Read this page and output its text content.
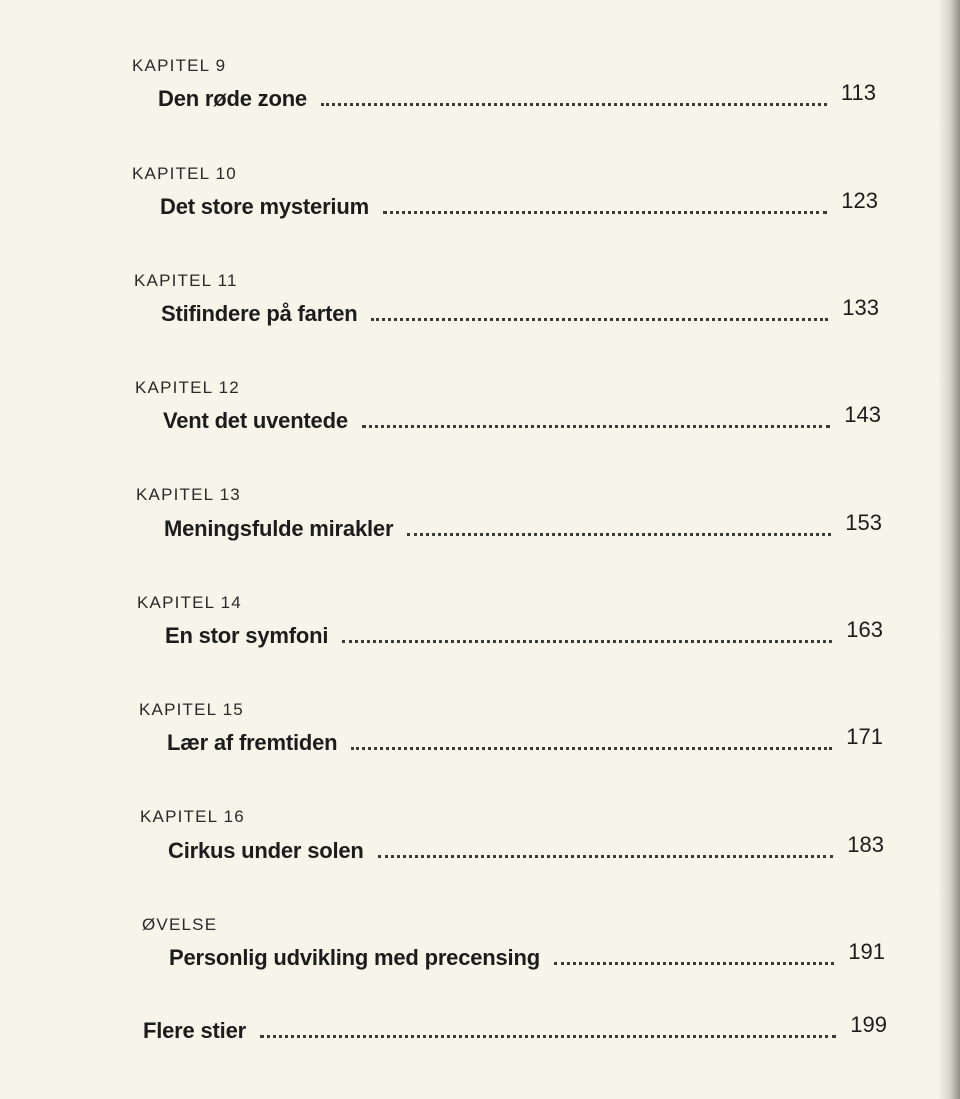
KAPITEL 9
Den røde zone	113
KAPITEL 10
Det store mysterium	123
KAPITEL 11
Stifindere på farten	133
KAPITEL 12
Vent det uventede	143
KAPITEL 13
Meningsfulde mirakler	153
KAPITEL 14
En stor symfoni	163
KAPITEL 15
Lær af fremtiden	171
KAPITEL 16
Cirkus under solen	183
ØVELSE
Personlig udvikling med precensing	191
Flere stier	199
